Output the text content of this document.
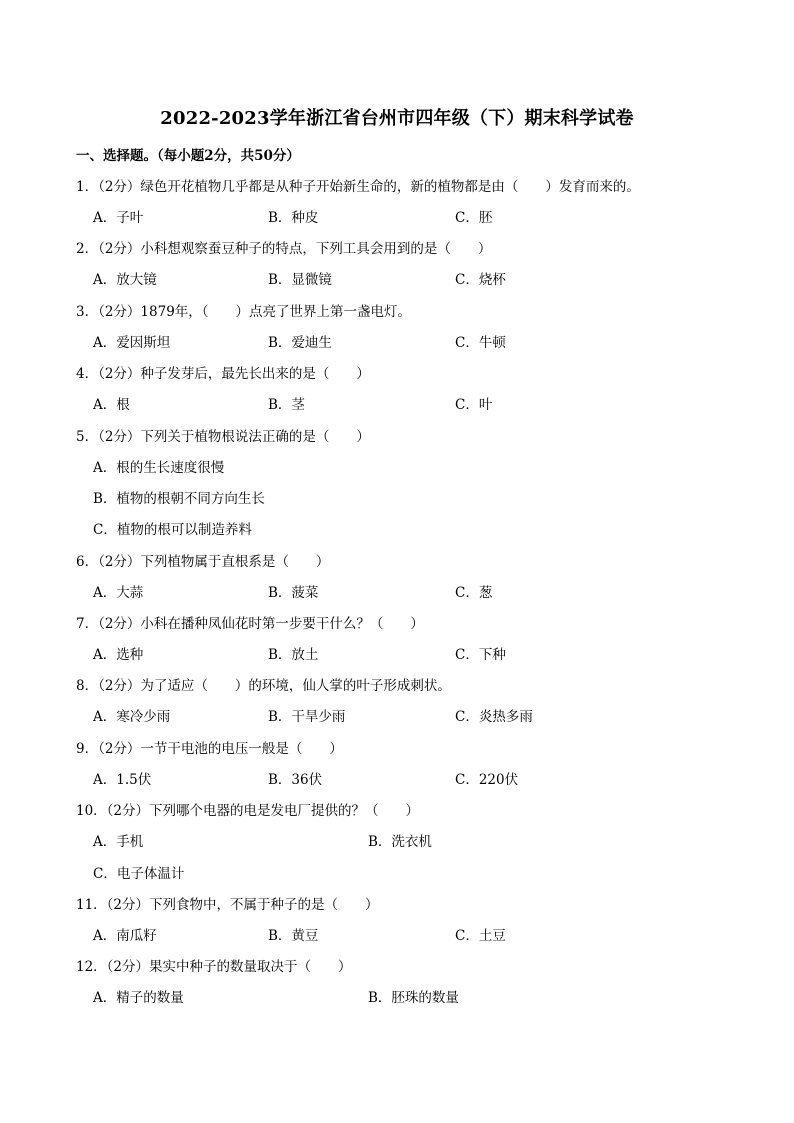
2022-2023学年浙江省台州市四年级（下）期末科学试卷
一、选择题。（每小题2分，共50分）
1．（2分）绿色开花植物几乎都是从种子开始新生命的，新的植物都是由（　　）发育而来的。
A．子叶	B．种皮	C．胚
2．（2分）小科想观察蚕豆种子的特点，下列工具会用到的是（　　）
A．放大镜	B．显微镜	C．烧杯
3．（2分）1879年，（　　）点亮了世界上第一盏电灯。
A．爱因斯坦	B．爱迪生	C．牛顿
4．（2分）种子发芽后，最先长出来的是（　　）
A．根	B．茎	C．叶
5．（2分）下列关于植物根说法正确的是（　　）
A．根的生长速度很慢
B．植物的根朝不同方向生长
C．植物的根可以制造养料
6．（2分）下列植物属于直根系是（　　）
A．大蒜	B．菠菜	C．葱
7．（2分）小科在播种凤仙花时第一步要干什么？（　　）
A．选种	B．放土	C．下种
8．（2分）为了适应（　　）的环境，仙人掌的叶子形成刺状。
A．寒冷少雨	B．干旱少雨	C．炎热多雨
9．（2分）一节干电池的电压一般是（　　）
A．1.5伏	B．36伏	C．220伏
10．（2分）下列哪个电器的电是发电厂提供的？（　　）
A．手机	B．洗衣机
C．电子体温计
11．（2分）下列食物中，不属于种子的是（　　）
A．南瓜籽	B．黄豆	C．土豆
12．（2分）果实中种子的数量取决于（　　）
A．精子的数量	B．胚珠的数量
